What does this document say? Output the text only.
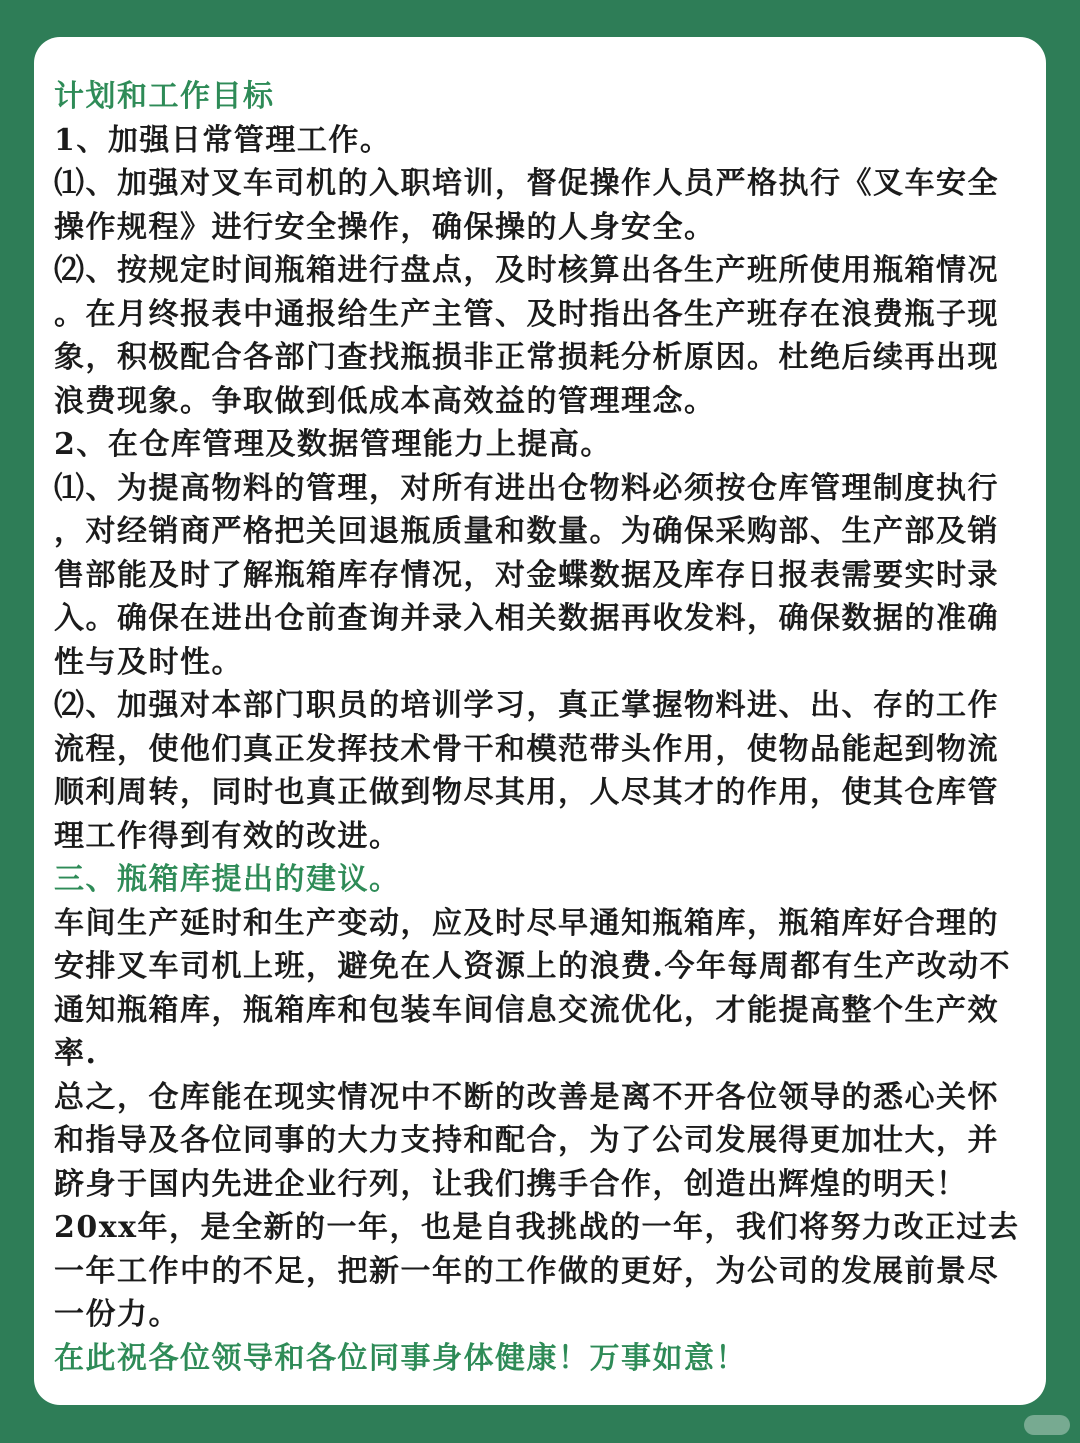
计划和工作目标
1、加强日常管理工作。
⑴、加强对叉车司机的入职培训，督促操作人员严格执行《叉车安全
操作规程》进行安全操作，确保操的人身安全。
⑵、按规定时间瓶箱进行盘点，及时核算出各生产班所使用瓶箱情况
。在月终报表中通报给生产主管、及时指出各生产班存在浪费瓶子现
象，积极配合各部门查找瓶损非正常损耗分析原因。杜绝后续再出现
浪费现象。争取做到低成本高效益的管理理念。
2、在仓库管理及数据管理能力上提高。
⑴、为提高物料的管理，对所有进出仓物料必须按仓库管理制度执行
，对经销商严格把关回退瓶质量和数量。为确保采购部、生产部及销
售部能及时了解瓶箱库存情况，对金蝶数据及库存日报表需要实时录
入。确保在进出仓前查询并录入相关数据再收发料，确保数据的准确
性与及时性。
⑵、加强对本部门职员的培训学习，真正掌握物料进、出、存的工作
流程，使他们真正发挥技术骨干和模范带头作用，使物品能起到物流
顺利周转，同时也真正做到物尽其用，人尽其才的作用，使其仓库管
理工作得到有效的改进。
三、瓶箱库提出的建议。
车间生产延时和生产变动，应及时尽早通知瓶箱库，瓶箱库好合理的
安排叉车司机上班，避免在人资源上的浪费.今年每周都有生产改动不
通知瓶箱库，瓶箱库和包装车间信息交流优化，才能提高整个生产效
率.
总之，仓库能在现实情况中不断的改善是离不开各位领导的悉心关怀
和指导及各位同事的大力支持和配合，为了公司发展得更加壮大，并
跻身于国内先进企业行列，让我们携手合作，创造出辉煌的明天！
20xx年，是全新的一年，也是自我挑战的一年，我们将努力改正过去
一年工作中的不足，把新一年的工作做的更好，为公司的发展前景尽
一份力。
在此祝各位领导和各位同事身体健康！万事如意！
